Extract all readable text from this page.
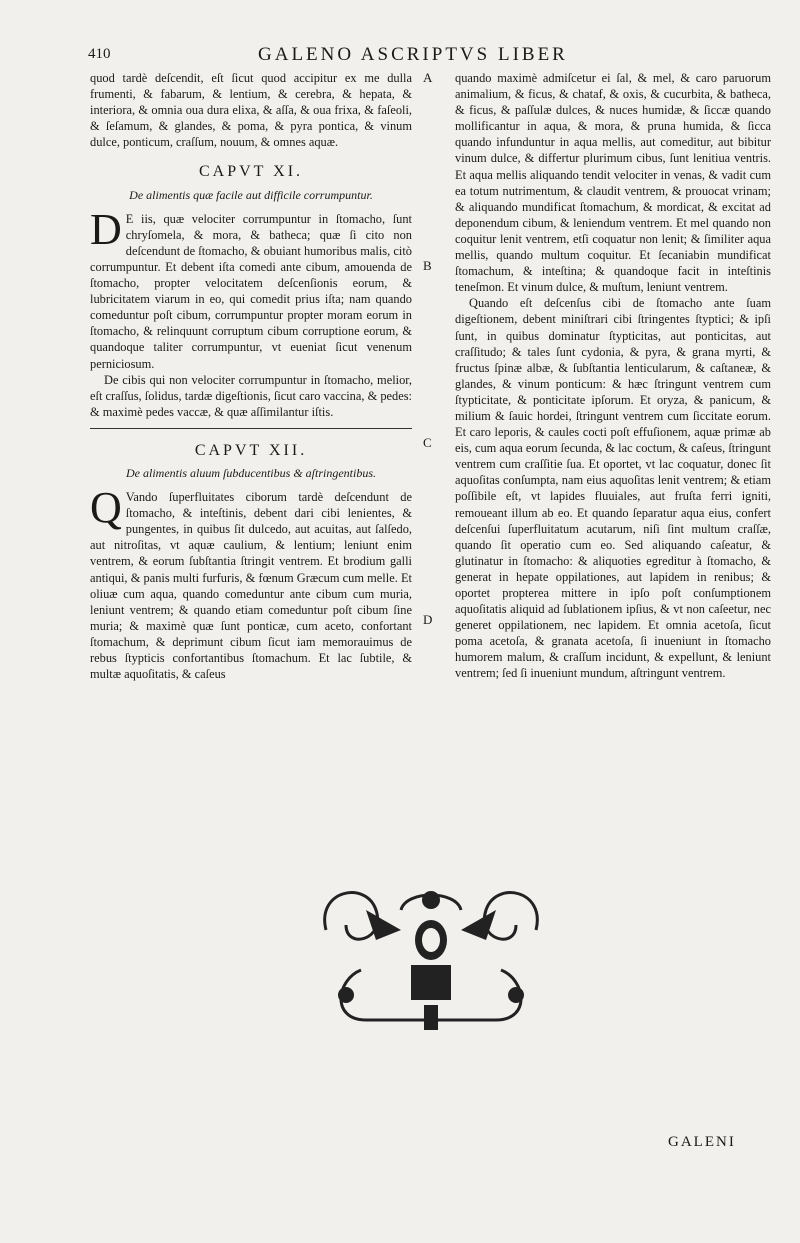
410	GALENO ASCRIPTVS LIBER
A
B
C
D

quod tardè deſcendit, eſt ſicut quod accipitur ex me dulla frumenti, & fabarum, & lentium, & cerebra, & hepata, & interiora, & omnia oua dura elixa, & aſſa, & oua frixa, & faſeoli, & ſeſamum, & glandes, & poma, & pyra pontica, & vinum dulce, ponticum, craſſum, nouum, & omnes aquæ.

CAPVT XI.
De alimentis quæ facile aut difficile corrumpuntur.

D E iis, quæ velociter corrumpuntur in ſtomacho, ſunt chryſomela, & mora, & batheca; quæ ſi cito non deſcendunt de ſtomacho, & obuiant humoribus malis, citò corrumpuntur. Et debent iſta comedi ante cibum, amouenda de ſtomacho, propter velocitatem deſcenſionis eorum, & lubricitatem viarum in eo, qui comedit prius iſta; nam quando comeduntur poſt cibum, corrumpuntur propter moram eorum in ſtomacho, & relinquunt corruptum cibum corruptione eorum, & quandoque taliter corrumpuntur, vt eueniat ſicut venenum perniciosum.

De cibis qui non velociter corrumpuntur in ſtomacho, melior, eſt craſſus, ſolidus, tardæ digeſtionis, ſicut caro vaccina, & pedes: & maximè pedes vaccæ, & quæ aſſimilantur iſtis.

CAPVT XII.
De alimentis aluum ſubducentibus & aſtringentibus.

Q Vando ſuperfluitates ciborum tardè deſcendunt de ſtomacho, & inteſtinis, debent dari cibi lenientes, & pungentes, in quibus ſit dulcedo, aut acuitas, aut ſalſedo, aut nitroſitas, vt aquæ caulium, & lentium; leniunt enim ventrem, & eorum ſubſtantia ſtringit ventrem. Et brodium galli antiqui, & panis multi furfuris, & fœnum Græcum cum melle. Et oliuæ cum aqua, quando comeduntur ante cibum cum muria, leniunt ventrem; & quando etiam comeduntur poſt cibum ſine muria; & maximè quæ ſunt ponticæ, cum aceto, confortant ſtomachum, & deprimunt cibum ſicut iam memorauimus de rebus ſtypticis confortantibus ſtomachum. Et lac ſubtile, & multæ aquoſitatis, & caſeus

quando maximè admiſcetur ei ſal, & mel, & caro paruorum animalium, & ficus, & chataf, & oxis, & cucurbita, & batheca, & ficus, & paſſulæ dulces, & nuces humidæ, & ſiccæ quando mollificantur in aqua, & mora, & pruna humida, & ſicca quando infunduntur in aqua mellis, aut comeditur, aut bibitur vinum dulce, & differtur plurimum cibus, ſunt lenitiua ventris. Et aqua mellis aliquando tendit velociter in venas, & vadit cum ea totum nutrimentum, & claudit ventrem, & prouocat vrinam; & aliquando mundificat ſtomachum, & mordicat, & excitat ad deponendum cibum, & leniendum ventrem. Et mel quando non coquitur lenit ventrem, etſi coquatur non lenit; & ſimiliter aqua mellis, quando multum coquitur. Et ſecaniabin mundificat ſtomachum, & inteſtina; & quandoque facit in inteſtinis teneſmon. Et vinum dulce, & muſtum, leniunt ventrem.

Quando eſt deſcenſus cibi de ſtomacho ante ſuam digeſtionem, debent miniſtrari cibi ſtringentes ſtyptici; & ipſi ſunt, in quibus dominatur ſtypticitas, aut ponticitas, aut craſſitudo; & tales ſunt cydonia, & pyra, & grana myrti, & fructus ſpinæ albæ, & ſubſtantia lenticularum, & caſtaneæ, & glandes, & vinum ponticum: & hæc ſtringunt ventrem cum ſtypticitate, & ponticitate ipſorum. Et oryza, & panicum, & milium & ſauic hordei, ſtringunt ventrem cum ſiccitate eorum. Et caro leporis, & caules cocti poſt effuſionem, aquæ primæ ab eis, cum aqua eorum ſecunda, & lac coctum, & caſeus, ſtringunt ventrem cum craſſitie ſua. Et oportet, vt lac coquatur, donec ſit aquoſitas conſumpta, nam eius aquoſitas lenit ventrem; & etiam poſſibile eſt, vt lapides fluuiales, aut fruſta ferri igniti, remoueant illum ab eo. Et quando ſeparatur aqua eius, confert deſcenſui ſuperfluitatum acutarum, niſi ſint multum craſſæ, quando ſit operatio cum eo. Sed aliquando caſeatur, & glutinatur in ſtomacho: & aliquoties egreditur à ſtomacho, & generat in hepate oppilationes, aut lapidem in renibus; & oportet propterea mittere in ipſo poſt conſumptionem aquoſitatis aliquid ad ſublationem ipſius, & vt non caſeetur, nec generet oppilationem, nec lapidem. Et omnia acetoſa, ſicut poma acetoſa, & granata acetoſa, ſi inueniunt in ſtomacho humorem malum, & craſſum incidunt, & expellunt, & leniunt ventrem; ſed ſi inueniunt mundum, aſtringunt ventrem.

GALENI
